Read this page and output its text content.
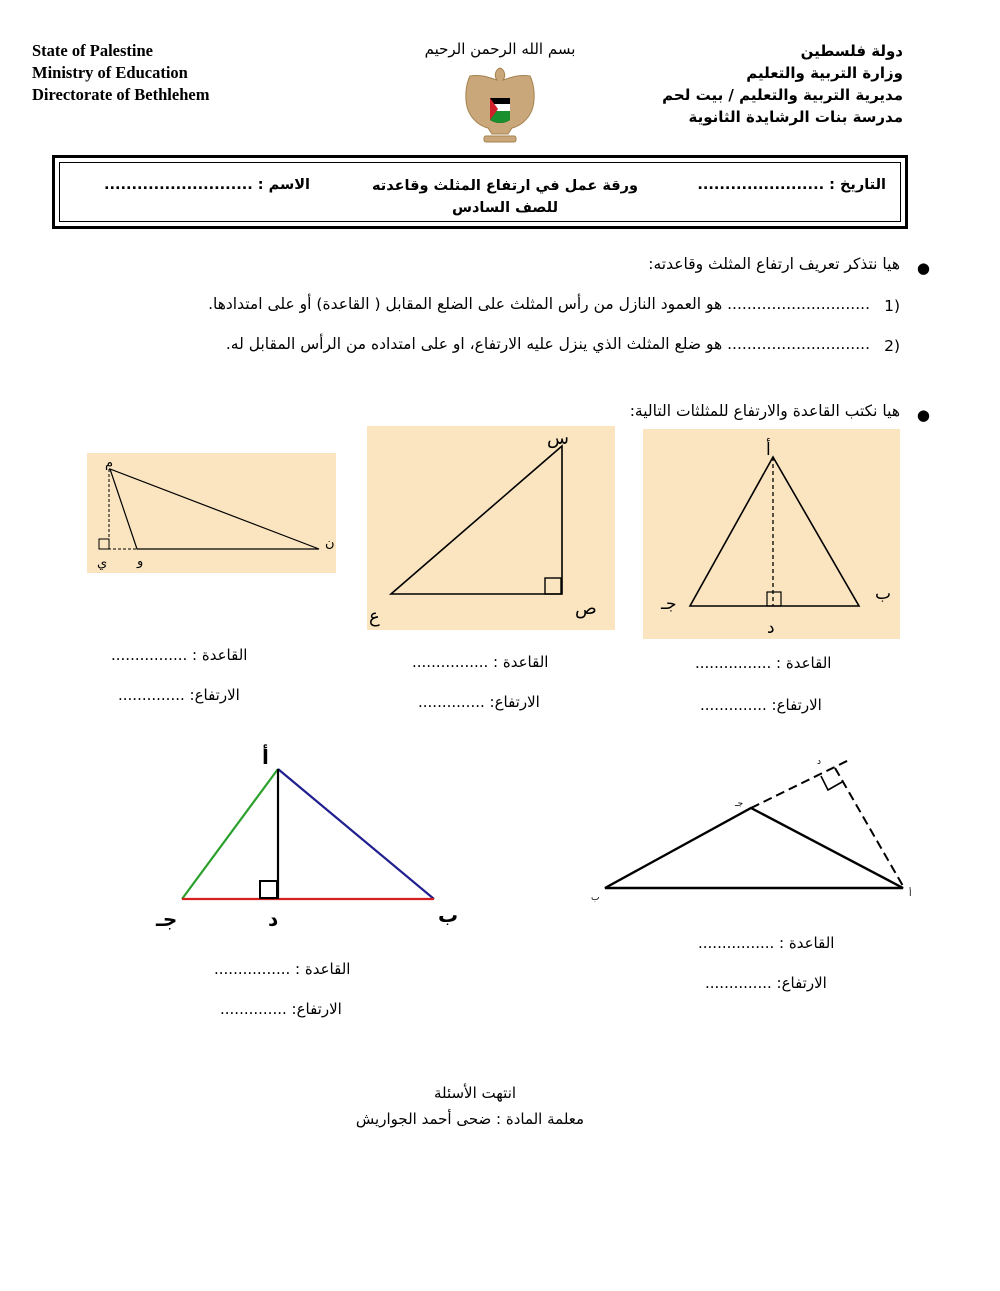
State of Palestine
Ministry of Education
Directorate of Bethlehem
بسم الله الرحمن الرحيم	دولة فلسطين
وزارة التربية والتعليم
مديرية التربية والتعليم / بيت لحم
مدرسة بنات الرشايدة الثانوية
التاريخ : .......................
ورقة عمل في ارتفاع المثلث وقاعدته
للصف السادس
الاسم : ...........................
●
هيا نتذكر تعريف ارتفاع المثلث وقاعدته:
1)
............................. هو العمود النازل من رأس المثلث على الضلع المقابل ( القاعدة) أو على امتدادها.
2)
............................. هو ضلع المثلث الذي ينزل عليه الارتفاع، او على امتداده من الرأس المقابل له.
●
هيا نكتب القاعدة والارتفاع للمثلثات التالية:
أ
جـ	ب
د
س
ع	ص
م
ن
ي و
القاعدة : ................
الارتفاع: ..............
القاعدة : ................
الارتفاع: ..............
القاعدة : ................
الارتفاع: ..............
أ
جـ	ب
د
جـ
ب	أ
د
القاعدة : ................
الارتفاع: ..............
القاعدة : ................
الارتفاع: ..............
انتهت الأسئلة
معلمة المادة : ضحى أحمد الجواريش
